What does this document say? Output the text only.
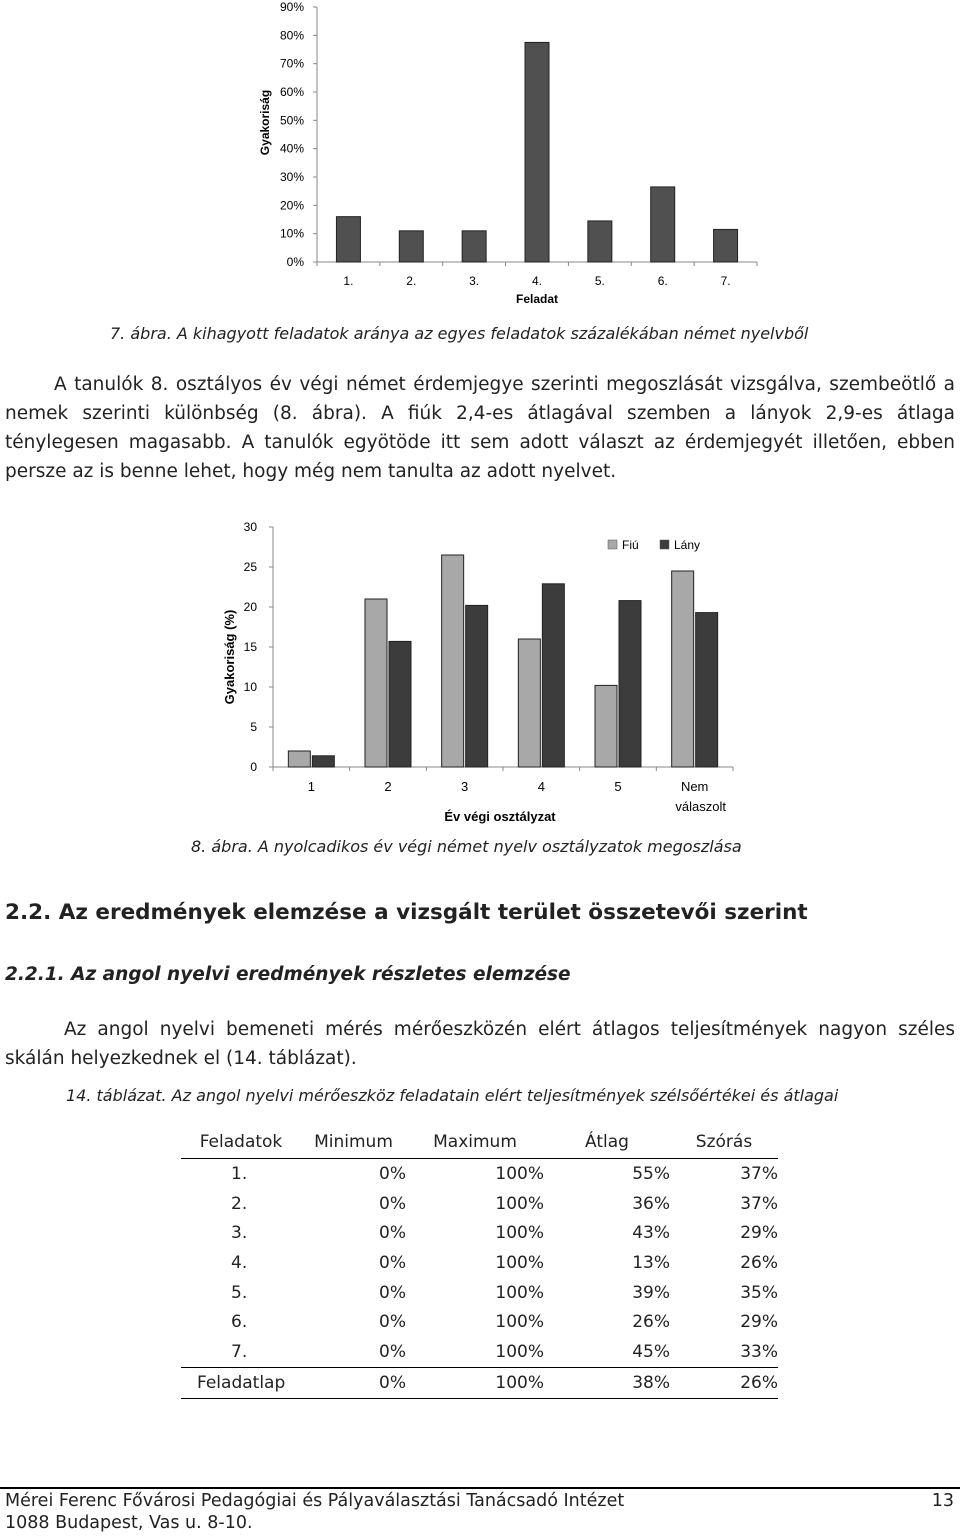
0%
10%
20%
30%
40%
50%
60%
70%
80%
90%
1.	2.	3.	4.	5.	6.	7.
Feladat
Gyakoriság
7. ábra. A kihagyott feladatok aránya az egyes feladatok százalékában német nyelvből
A tanulók 8. osztályos év végi német érdemjegye szerinti megoszlását vizsgálva, szembeötlő a nemek szerinti különbség (8. ábra). A fiúk 2,4-es átlagával szemben a lányok 2,9-es átlaga ténylegesen magasabb. A tanulók egyötöde itt sem adott választ az érdemjegyét illetően, ebben persze az is benne lehet, hogy még nem tanulta az adott nyelvet.
0
5
10
15
20
25
30
1	2	3	4	5	Nem válaszolt
Év végi osztályzat
Gyakoriság (%)
Fiú	Lány
8. ábra. A nyolcadikos év végi német nyelv osztályzatok megoszlása
2.2. Az eredmények elemzése a vizsgált terület összetevői szerint
2.2.1. Az angol nyelvi eredmények részletes elemzése
Az angol nyelvi bemeneti mérés mérőeszközén elért átlagos teljesítmények nagyon széles skálán helyezkednek el (14. táblázat).
14. táblázat. Az angol nyelvi mérőeszköz feladatain elért teljesítmények szélsőértékei és átlagai
Feladatok	Minimum	Maximum	Átlag	Szórás
1.	0%	100%	55%	37%
2.	0%	100%	36%	37%
3.	0%	100%	43%	29%
4.	0%	100%	13%	26%
5.	0%	100%	39%	35%
6.	0%	100%	26%	29%
7.	0%	100%	45%	33%
Feladatlap	0%	100%	38%	26%
Mérei Ferenc Fővárosi Pedagógiai és Pályaválasztási Tanácsadó Intézet	13
1088 Budapest, Vas u. 8-10.
